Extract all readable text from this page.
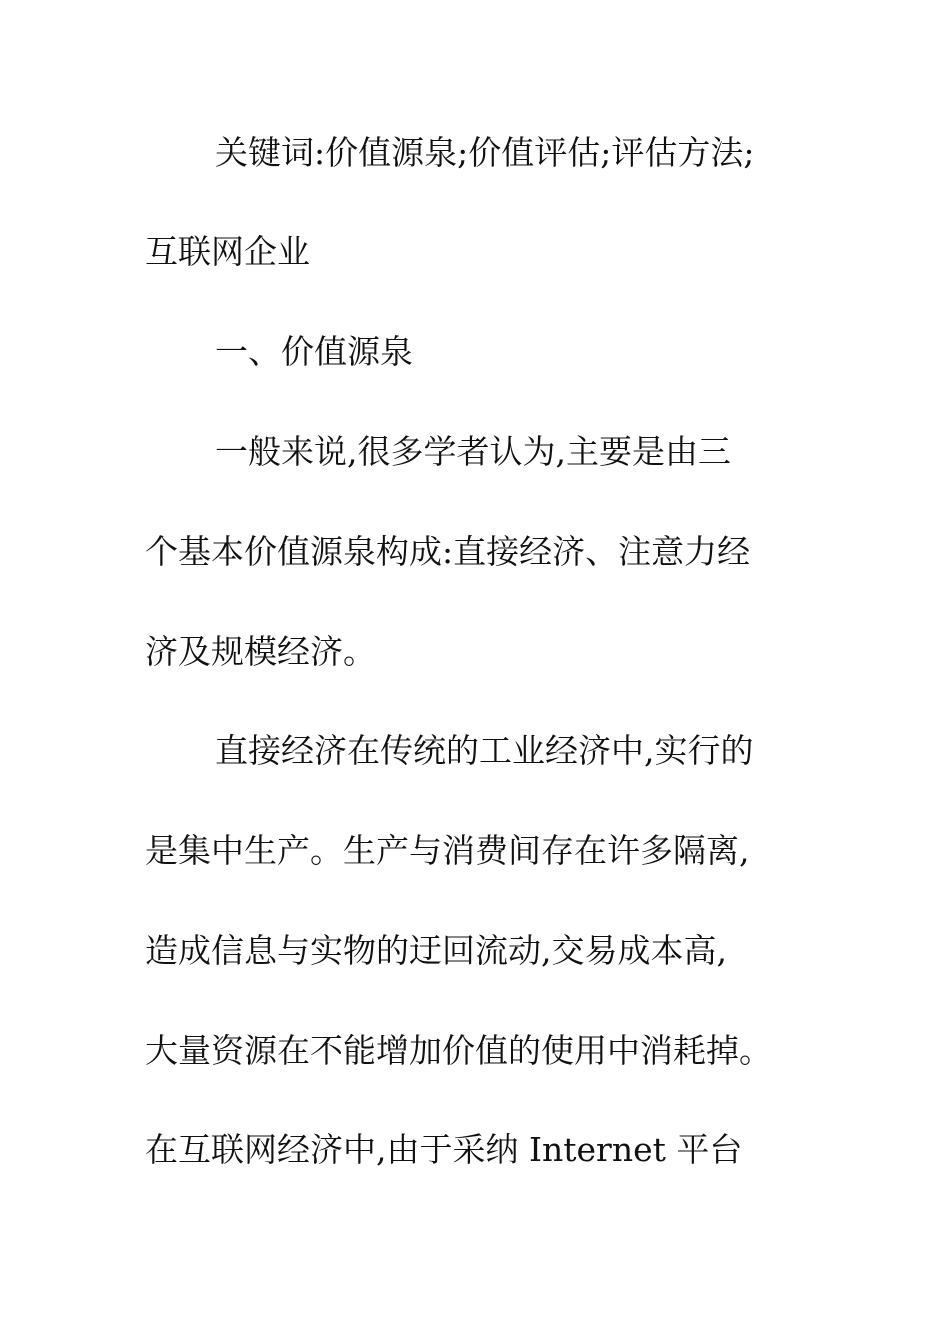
关键词:价值源泉;价值评估;评估方法;
互联网企业
一、价值源泉
一般来说,很多学者认为,主要是由三
个基本价值源泉构成:直接经济、注意力经
济及规模经济。
直接经济在传统的工业经济中,实行的
是集中生产。生产与消费间存在许多隔离,
造成信息与实物的迂回流动,交易成本高,
大量资源在不能增加价值的使用中消耗掉。
在互联网经济中,由于采纳 Internet 平台
